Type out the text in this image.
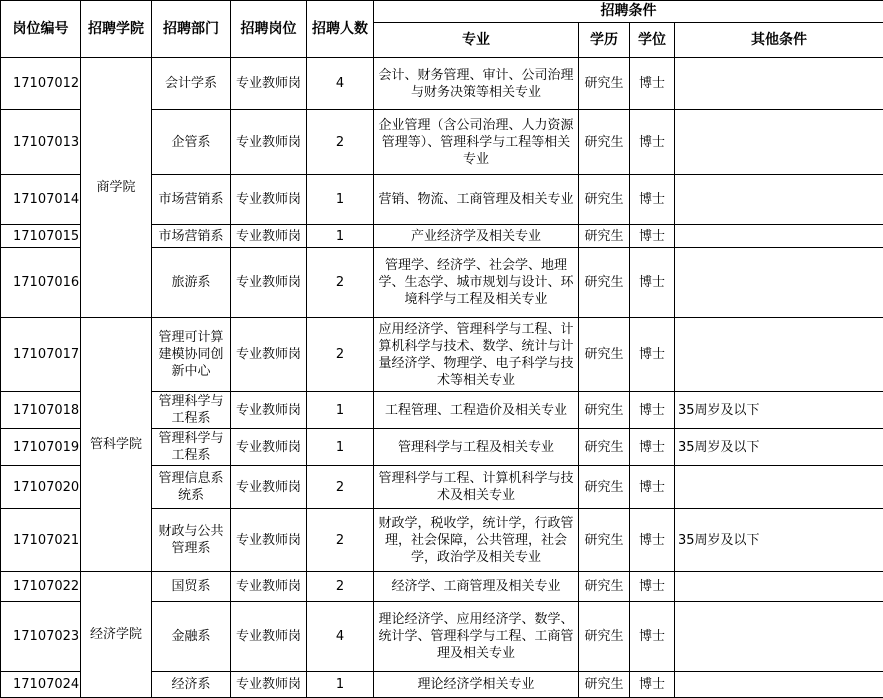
岗位编号	招聘学院	招聘部门	招聘岗位	招聘人数	招聘条件			
					专业	学历	学位	其他条件
17107012	商学院	会计学系	专业教师岗	4	会计、财务管理、审计、公司治理与财务决策等相关专业	研究生	博士	
17107013		企管系	专业教师岗	2	企业管理（含公司治理、人力资源管理等）、管理科学与工程等相关专业	研究生	博士	
17107014		市场营销系	专业教师岗	1	营销、物流、工商管理及相关专业	研究生	博士	
17107015		市场营销系	专业教师岗	1	产业经济学及相关专业	研究生	博士	
17107016		旅游系	专业教师岗	2	管理学、经济学、社会学、地理学、生态学、城市规划与设计、环境科学与工程及相关专业	研究生	博士	
17107017	管科学院	管理可计算建模协同创新中心	专业教师岗	2	应用经济学、管理科学与工程、计算机科学与技术、数学、统计与计量经济学、物理学、电子科学与技术等相关专业	研究生	博士	
17107018		管理科学与工程系	专业教师岗	1	工程管理、工程造价及相关专业	研究生	博士	35周岁及以下
17107019		管理科学与工程系	专业教师岗	1	管理科学与工程及相关专业	研究生	博士	35周岁及以下
17107020		管理信息系统系	专业教师岗	2	管理科学与工程、计算机科学与技术及相关专业	研究生	博士	
17107021		财政与公共管理系	专业教师岗	2	财政学，税收学，统计学，行政管理，社会保障，公共管理，社会学，政治学及相关专业	研究生	博士	35周岁及以下
17107022	经济学院	国贸系	专业教师岗	2	经济学、工商管理及相关专业	研究生	博士	
17107023		金融系	专业教师岗	4	理论经济学、应用经济学、数学、统计学、管理科学与工程、工商管理及相关专业	研究生	博士	
17107024		经济系	专业教师岗	1	理论经济学相关专业	研究生	博士	
